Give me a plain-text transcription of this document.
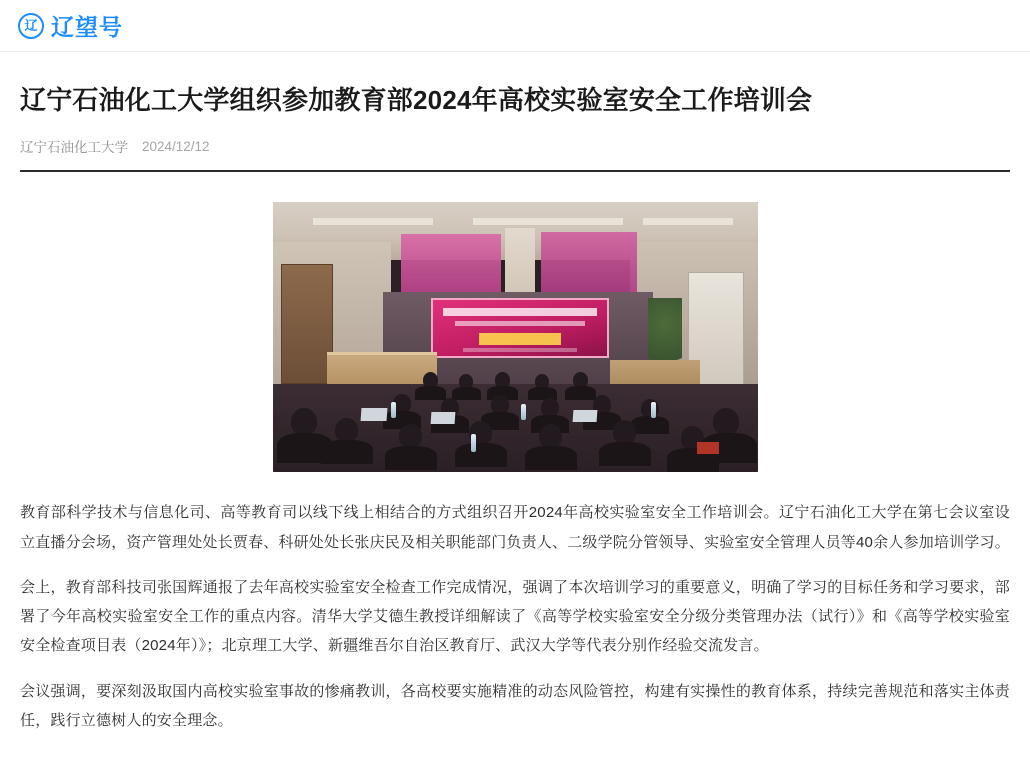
辽 辽望号
辽宁石油化工大学组织参加教育部2024年高校实验室安全工作培训会
辽宁石油化工大学 2024/12/12

教育部科学技术与信息化司、高等教育司以线下线上相结合的方式组织召开2024年高校实验室安全工作培训会。辽宁石油化工大学在第七会议室设立直播分会场，资产管理处处长贾春、科研处处长张庆民及相关职能部门负责人、二级学院分管领导、实验室安全管理人员等40余人参加培训学习。

会上，教育部科技司张国辉通报了去年高校实验室安全检查工作完成情况，强调了本次培训学习的重要意义，明确了学习的目标任务和学习要求，部署了今年高校实验室安全工作的重点内容。清华大学艾德生教授详细解读了《高等学校实验室安全分级分类管理办法（试行）》和《高等学校实验室安全检查项目表（2024年）》；北京理工大学、新疆维吾尔自治区教育厅、武汉大学等代表分别作经验交流发言。

会议强调，要深刻汲取国内高校实验室事故的惨痛教训，各高校要实施精准的动态风险管控，构建有实操性的教育体系，持续完善规范和落实主体责任，践行立德树人的安全理念。
